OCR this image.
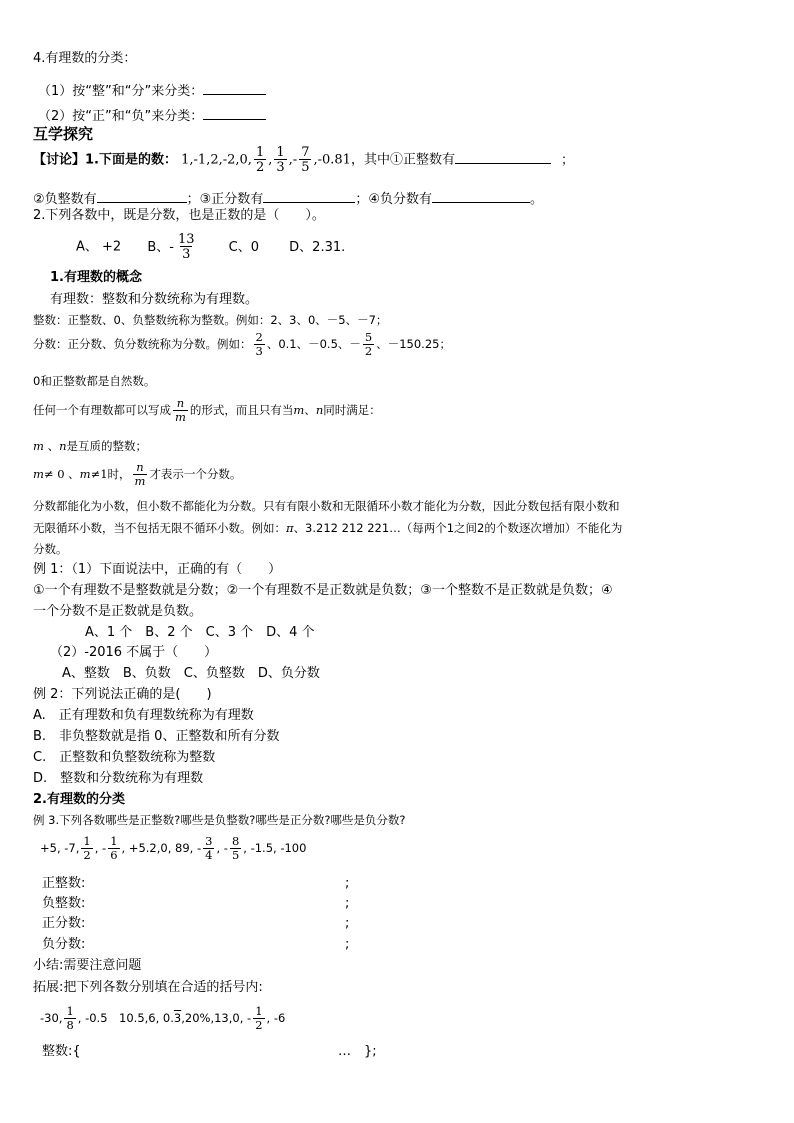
4.有理数的分类：
（1）按“整”和“分”来分类：
（2）按“正”和“负”来分类：
互学探究
【讨论】1.下面是的数： 1,-1,2,-2,0, $\frac{1}{2}$ , $\frac{1}{3}$ ,- $\frac{7}{5} ,-0.81$，其中①正整数有	；
②负整数有	；③正分数有	；④负分数有	。
2.下列各数中，既是分数，也是正数的是（　　）。
A、 +2 B、- $\frac{13}{3}$ C、0 D、2.31.
1.有理数的概念
有理数：整数和分数统称为有理数。
整数：正整数、0、负整数统称为整数。例如：2、3、0、－5、－7；
分数：正分数、负分数统称为分数。例如： $\frac{2}{3}$ 、0.1、－0.5、－ $\frac{5}{2}$ 、－150.25；
0和正整数都是自然数。
任何一个有理数都可以写成 $\frac{n}{m}$ 的形式，而且只有当m、n同时满足：
m 、n是互质的整数；
m≠ 0 、m≠1时， $\frac{n}{m}$ 才表示一个分数。
分数都能化为小数，但小数不都能化为分数。只有有限小数和无限循环小数才能化为分数，因此分数包括有限小数和
无限循环小数，当不包括无限不循环小数。例如：π、3.212 212 221…（每两个1之间2的个数逐次增加）不能化为
分数。
例 1：（1）下面说法中，正确的有（　　）
①一个有理数不是整数就是分数；②一个有理数不是正数就是负数；③一个整数不是正数就是负数；④
一个分数不是正数就是负数。
A、1 个　B、2 个　C、3 个　D、4 个
（2）-2016 不属于（　　）
A、整数　B、负数　C、负整数　D、负分数
例 2：下列说法正确的是(　　)
A.　正有理数和负有理数统称为有理数
B.　非负整数就是指 0、正整数和所有分数
C.　正整数和负整数统称为整数
D.　整数和分数统称为有理数
2.有理数的分类
例 3.下列各数哪些是正整数?哪些是负整数?哪些是正分数?哪些是负分数?
+5, -7, $\frac{1}{2}$ , - $\frac{1}{6}$ , +5.2,0, 89, - $\frac{3}{4}$ , - $\frac{8}{5}$ , -1.5, -100
正整数:	;
负整数:	;
正分数:	;
负分数:	;
小结:需要注意问题
拓展:把下列各数分别填在合适的括号内:
-30, $\frac{1}{8}$ , -0.5　10.5,6, 0.3,20%,13,0, - $\frac{1}{2}$ , -6
整数:{	…　};
